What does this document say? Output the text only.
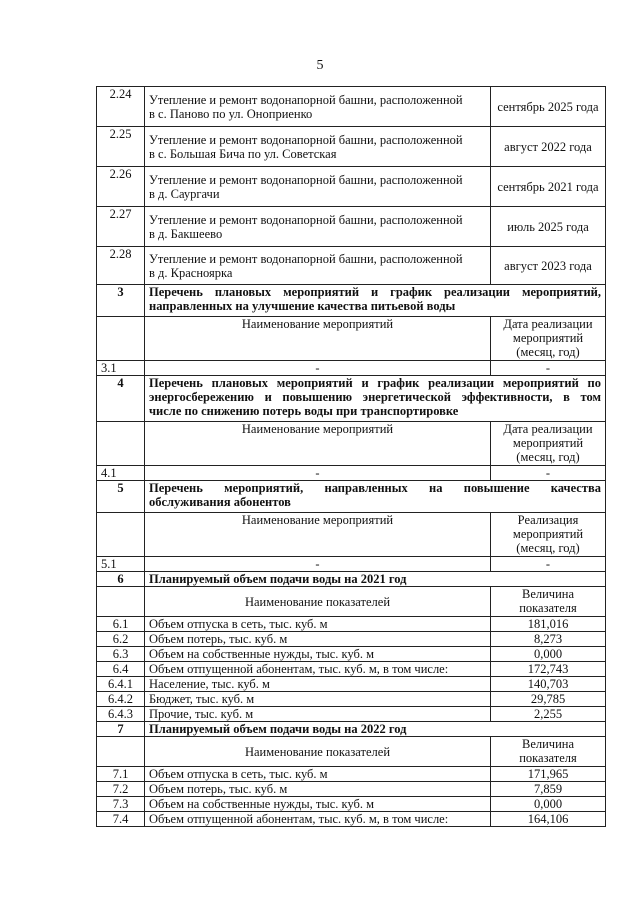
5
2.24	Утепление и ремонт водонапорной башни, расположенной
в с. Паново по ул. Оноприенко	сентябрь 2025 года
2.25	Утепление и ремонт водонапорной башни, расположенной
в с. Большая Бича по ул. Советская	август 2022 года
2.26	Утепление и ремонт водонапорной башни, расположенной
в д. Саургачи	сентябрь 2021 года
2.27	Утепление и ремонт водонапорной башни, расположенной
в д. Бакшеево	июль 2025 года
2.28	Утепление и ремонт водонапорной башни, расположенной
в д. Красноярка	август 2023 года
3	Перечень плановых мероприятий и график реализации мероприятий,
направленных на улучшение качества питьевой воды	

	Наименование мероприятий	Дата реализации
мероприятий
(месяц, год)

3.1	-	-
4	Перечень плановых мероприятий и график реализации мероприятий по
энергосбережению и повышению энергетической эффективности, в том
числе по снижению потерь воды при транспортировке	

	Наименование мероприятий	Дата реализации
мероприятий
(месяц, год)

4.1	-	-
5	Перечень мероприятий, направленных на повышение качества
обслуживания абонентов	

	Наименование мероприятий	Реализация
мероприятий
(месяц, год)

5.1	-	-
6	Планируемый объем подачи воды на 2021 год	
	Наименование показателей	Величина
показателя

6.1	Объем отпуска в сеть, тыс. куб. м	181,016
6.2	Объем потерь, тыс. куб. м	8,273
6.3	Объем на собственные нужды, тыс. куб. м	0,000
6.4	Объем отпущенной абонентам, тыс. куб. м, в том числе:	172,743
6.4.1	Население, тыс. куб. м	140,703
6.4.2	Бюджет, тыс. куб. м	29,785
6.4.3	Прочие, тыс. куб. м	2,255
7	Планируемый объем подачи воды на 2022 год	
	Наименование показателей	Величина
показателя

7.1	Объем отпуска в сеть, тыс. куб. м	171,965
7.2	Объем потерь, тыс. куб. м	7,859
7.3	Объем на собственные нужды, тыс. куб. м	0,000
7.4	Объем отпущенной абонентам, тыс. куб. м, в том числе:	164,106
